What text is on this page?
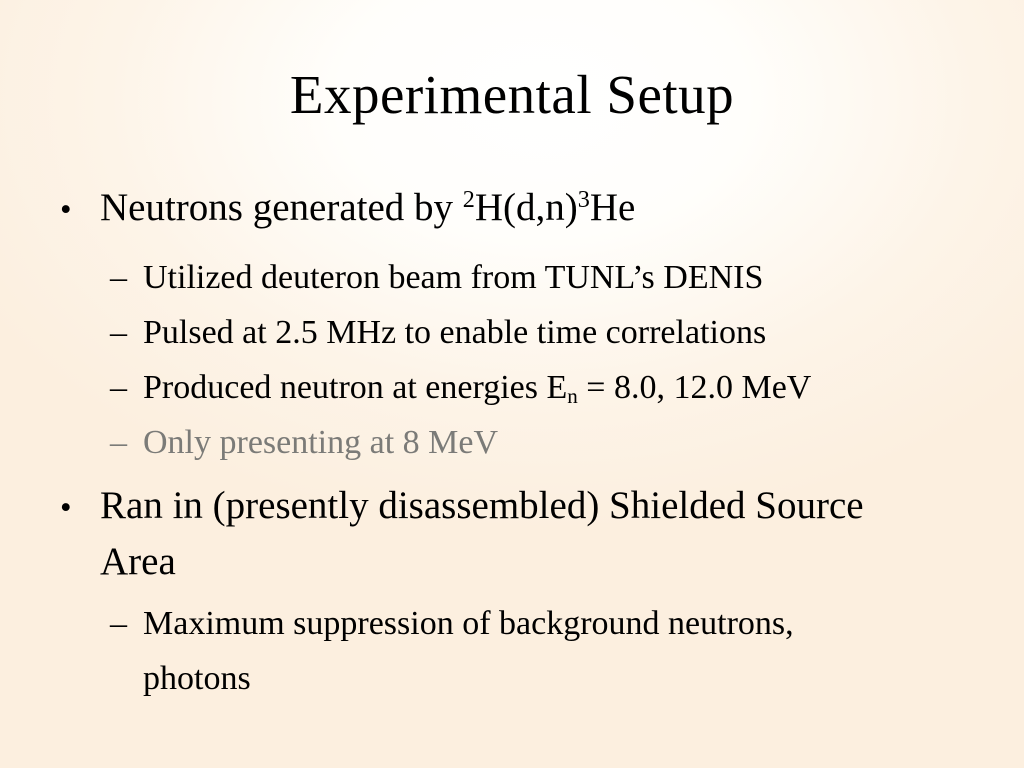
Experimental Setup
• Neutrons generated by $^2H(d,n)^3He$

– Utilized deuteron beam from TUNL’s DENIS

– Pulsed at 2.5 MHz to enable time correlations

– Produced neutron at energies $E_n = 8.0$, 12.0 MeV

– Only presenting at 8 MeV

• Ran in (presently disassembled) Shielded Source Area

– Maximum suppression of background neutrons, photons
